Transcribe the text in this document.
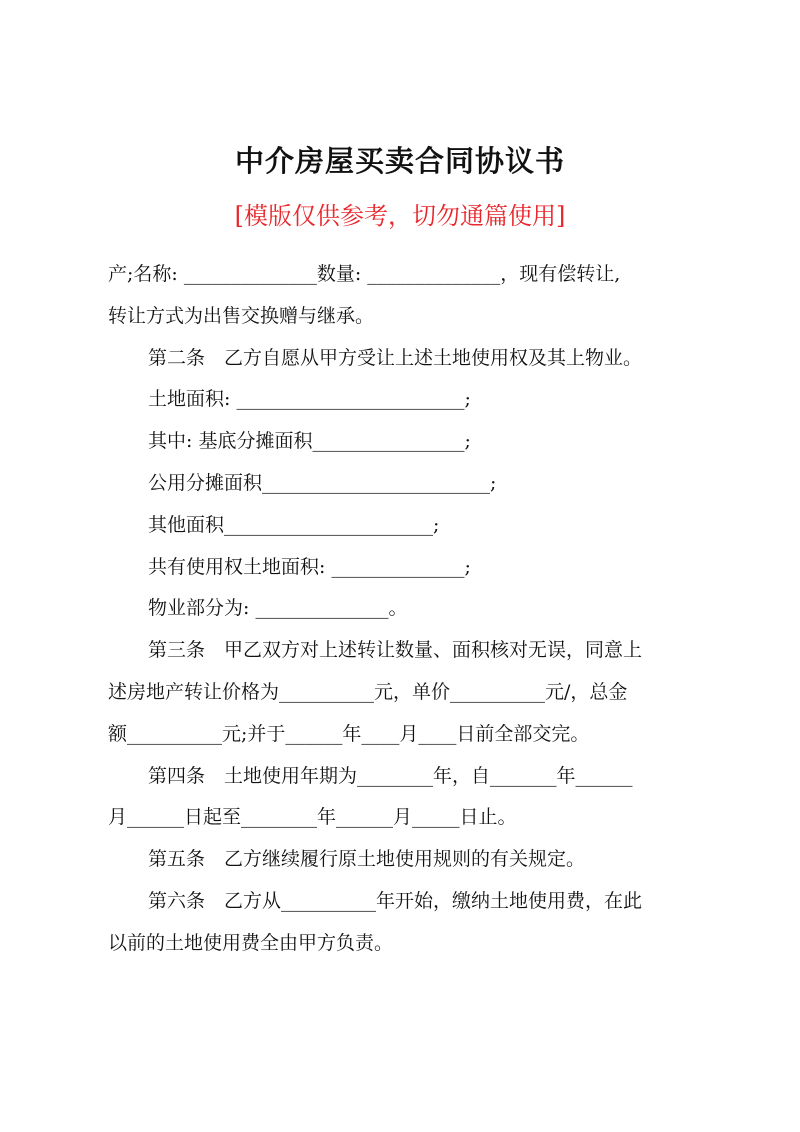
中介房屋买卖合同协议书
[模版仅供参考，切勿通篇使用]
产;名称: ______________数量: ______________，现有偿转让,
转让方式为出售交换赠与继承。
第二条　乙方自愿从甲方受让上述土地使用权及其上物业。
土地面积: ________________________;
其中: 基底分摊面积________________;
公用分摊面积________________________;
其他面积______________________;
共有使用权土地面积: ______________;
物业部分为: ______________。
第三条　甲乙双方对上述转让数量、面积核对无误，同意上
述房地产转让价格为__________元，单价__________元/，总金
额__________元;并于______年____月____日前全部交完。
第四条　土地使用年期为________年，自_______年______
月______日起至________年______月_____日止。
第五条　乙方继续履行原土地使用规则的有关规定。
第六条　乙方从__________年开始，缴纳土地使用费，在此
以前的土地使用费全由甲方负责。
